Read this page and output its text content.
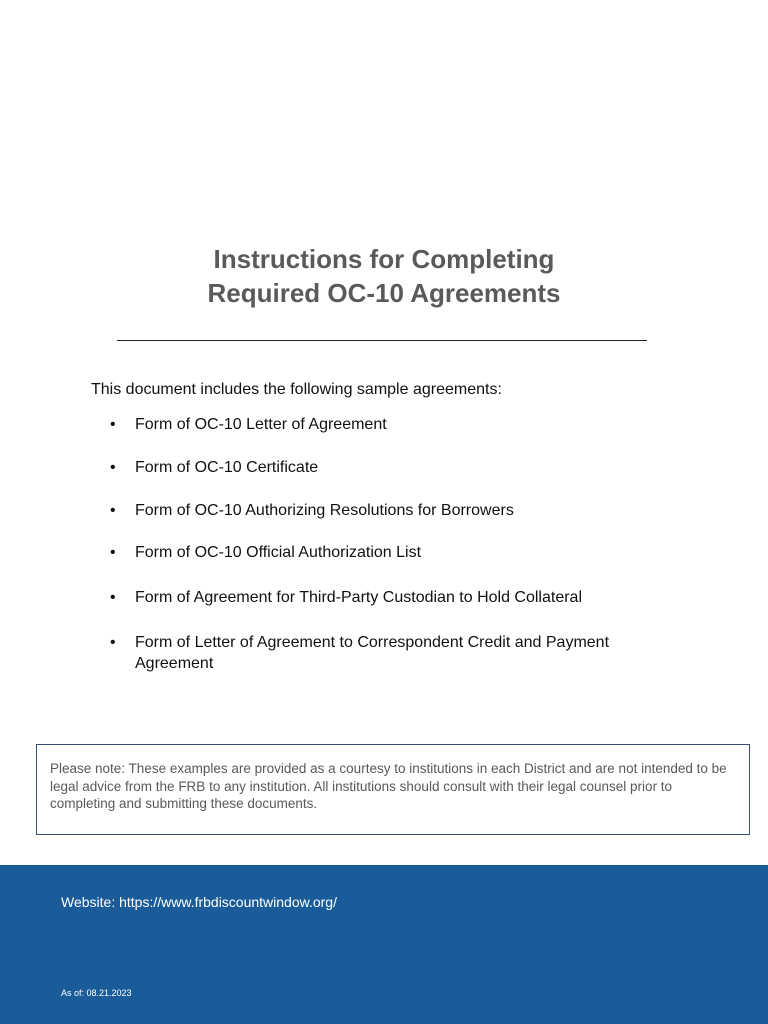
Instructions for Completing
Required OC-10 Agreements
This document includes the following sample agreements:
• Form of OC-10 Letter of Agreement
• Form of OC-10 Certificate
• Form of OC-10 Authorizing Resolutions for Borrowers
• Form of OC-10 Official Authorization List
• Form of Agreement for Third-Party Custodian to Hold Collateral
• Form of Letter of Agreement to Correspondent Credit and Payment Agreement
Please note: These examples are provided as a courtesy to institutions in each District and are not intended to be legal advice from the FRB to any institution. All institutions should consult with their legal counsel prior to completing and submitting these documents.
Website: https://www.frbdiscountwindow.org/
As of: 08.21.2023
